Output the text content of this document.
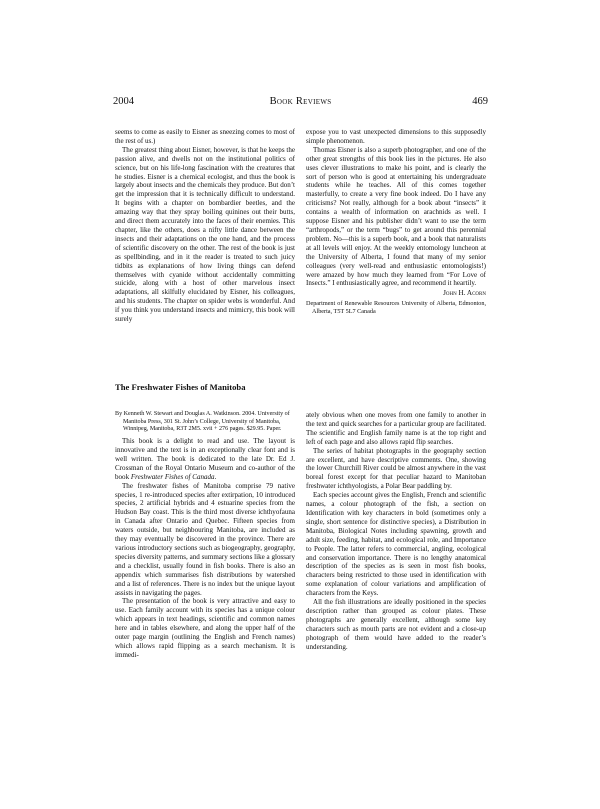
2004	Book Reviews	469

seems to come as easily to Eisner as sneezing comes to most of the rest of us.)

The greatest thing about Eisner, however, is that he keeps the passion alive, and dwells not on the institutional politics of science, but on his life-long fascination with the creatures that he studies. Eisner is a chemical ecologist, and thus the book is largely about insects and the chemicals they produce. But don’t get the impression that it is technically difficult to understand. It begins with a chapter on bombardier beetles, and the amazing way that they spray boiling quinines out their butts, and direct them accurately into the faces of their enemies. This chapter, like the others, does a nifty little dance between the insects and their adaptations on the one hand, and the process of scientific discovery on the other. The rest of the book is just as spellbinding, and in it the reader is treated to such juicy tidbits as explanations of how living things can defend themselves with cyanide without accidentally committing suicide, along with a host of other marvelous insect adaptations, all skilfully elucidated by Eisner, his colleagues, and his students. The chapter on spider webs is wonderful. And if you think you understand insects and mimicry, this book will surely

expose you to vast unexpected dimensions to this supposedly simple phenomenon.

Thomas Eisner is also a superb photographer, and one of the other great strengths of this book lies in the pictures. He also uses clever illustrations to make his point, and is clearly the sort of person who is good at entertaining his undergraduate students while he teaches. All of this comes together masterfully, to create a very fine book indeed. Do I have any criticisms? Not really, although for a book about “insects” it contains a wealth of information on arachnids as well. I suppose Eisner and his publisher didn’t want to use the term “arthropods,” or the term “bugs” to get around this perennial problem. No—this is a superb book, and a book that naturalists at all levels will enjoy. At the weekly entomology luncheon at the University of Alberta, I found that many of my senior colleagues (very well-read and enthusiastic entomologists!) were amazed by how much they learned from “For Love of Insects.” I enthusiastically agree, and recommend it heartily.

John H. Acorn
Department of Renewable Resources University of Alberta, Edmonton, Alberta, T5T 5L7 Canada
The Freshwater Fishes of Manitoba
By Kenneth W. Stewart and Douglas A. Watkinson. 2004. University of Manitoba Press, 301 St. John’s College, University of Manitoba, Winnipeg, Manitoba, R3T 2M5. xvii + 276 pages. $29.95. Paper.

This book is a delight to read and use. The layout is innovative and the text is in an exceptionally clear font and is well written. The book is dedicated to the late Dr. Ed J. Crossman of the Royal Ontario Museum and co-author of the book Freshwater Fishes of Canada.

The freshwater fishes of Manitoba comprise 79 native species, 1 re-introduced species after extirpation, 10 introduced species, 2 artificial hybrids and 4 estuarine species from the Hudson Bay coast. This is the third most diverse ichthyofauna in Canada after Ontario and Quebec. Fifteen species from waters outside, but neighbouring Manitoba, are included as they may eventually be discovered in the province. There are various introductory sections such as biogeography, geography, species diversity patterns, and summary sections like a glossary and a checklist, usually found in fish books. There is also an appendix which summarises fish distributions by watershed and a list of references. There is no index but the unique layout assists in navigating the pages.

The presentation of the book is very attractive and easy to use. Each family account with its species has a unique colour which appears in text headings, scientific and common names here and in tables elsewhere, and along the upper half of the outer page margin (outlining the English and French names) which allows rapid flipping as a search mechanism. It is immedi-

ately obvious when one moves from one family to another in the text and quick searches for a particular group are facilitated. The scientific and English family name is at the top right and left of each page and also allows rapid flip searches.

The series of habitat photographs in the geography section are excellent, and have descriptive comments. One, showing the lower Churchill River could be almost anywhere in the vast boreal forest except for that peculiar hazard to Manitoban freshwater ichthyologists, a Polar Bear paddling by.

Each species account gives the English, French and scientific names, a colour photograph of the fish, a section on Identification with key characters in bold (sometimes only a single, short sentence for distinctive species), a Distribution in Manitoba, Biological Notes including spawning, growth and adult size, feeding, habitat, and ecological role, and Importance to People. The latter refers to commercial, angling, ecological and conservation importance. There is no lengthy anatomical description of the species as is seen in most fish books, characters being restricted to those used in identification with some explanation of colour variations and amplification of characters from the Keys.

All the fish illustrations are ideally positioned in the species description rather than grouped as colour plates. These photographs are generally excellent, although some key characters such as mouth parts are not evident and a close-up photograph of them would have added to the reader’s understanding.
